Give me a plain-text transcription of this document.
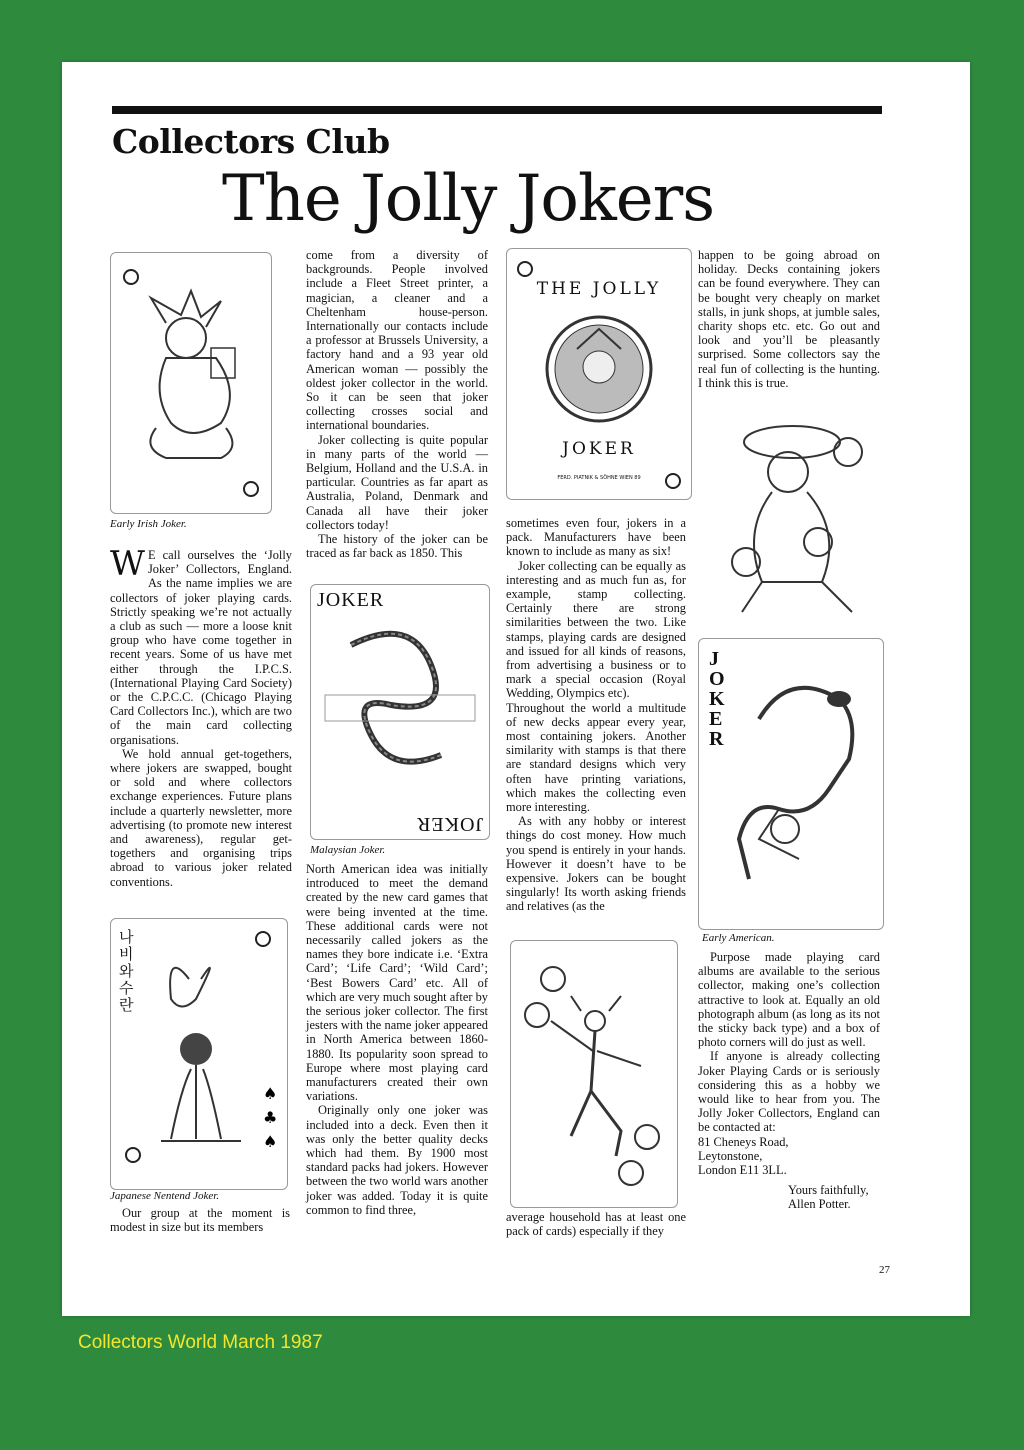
Collectors Club
The Jolly Jokers
Early Irish Joker.

W E call ourselves the ‘Jolly Joker’ Collectors, England. As the name implies we are collectors of joker playing cards. Strictly speaking we’re not actually a club as such — more a loose knit group who have come together in recent years. Some of us have met either through the I.P.C.S. (International Playing Card Society) or the C.P.C.C. (Chicago Playing Card Collectors Inc.), which are two of the main card collecting organisations.

We hold annual get-togethers, where jokers are swapped, bought or sold and where collectors exchange experiences. Future plans include a quarterly newsletter, more advertising (to promote new interest and awareness), regular get-togethers and organising trips abroad to various joker related conventions.

♠
♣
♠
나비와수란
Japanese Nentend Joker.

Our group at the moment is modest in size but its members

come from a diversity of backgrounds. People involved include a Fleet Street printer, a magician, a cleaner and a Cheltenham house-person. Internationally our contacts include a professor at Brussels University, a factory hand and a 93 year old American woman — possibly the oldest joker collector in the world. So it can be seen that joker collecting crosses social and international boundaries.

Joker collecting is quite popular in many parts of the world — Belgium, Holland and the U.S.A. in particular. Countries as far apart as Australia, Poland, Denmark and Canada all have their joker collectors today!

The history of the joker can be traced as far back as 1850. This

JOKER
JOKER
Malaysian Joker.

North American idea was initially introduced to meet the demand created by the new card games that were being invented at the time. These additional cards were not necessarily called jokers as the names they bore indicate i.e. ‘Extra Card’; ‘Life Card’; ‘Wild Card’; ‘Best Bowers Card’ etc. All of which are very much sought after by the serious joker collector. The first jesters with the name joker appeared in North America between 1860-1880. Its popularity soon spread to Europe where most playing card manufacturers created their own variations.

Originally only one joker was included into a deck. Even then it was only the better quality decks which had them. By 1900 most standard packs had jokers. However between the two world wars another joker was added. Today it is quite common to find three,

THE JOLLY
JOKER
FERD. PIATNIK & SÖHNE WIEN 89

sometimes even four, jokers in a pack. Manufacturers have been known to include as many as six!

Joker collecting can be equally as interesting and as much fun as, for example, stamp collecting. Certainly there are strong similarities between the two. Like stamps, playing cards are designed and issued for all kinds of reasons, from advertising a business or to mark a special occasion (Royal Wedding, Olympics etc).

Throughout the world a multitude of new decks appear every year, most containing jokers. Another similarity with stamps is that there are standard designs which very often have printing variations, which makes the collecting even more interesting.

As with any hobby or interest things do cost money. How much you spend is entirely in your hands. However it doesn’t have to be expensive. Jokers can be bought singularly! Its worth asking friends and relatives (as the

average household has at least one pack of cards) especially if they

happen to be going abroad on holiday. Decks containing jokers can be found everywhere. They can be bought very cheaply on market stalls, in junk shops, at jumble sales, charity shops etc. etc. Go out and look and you’ll be pleasantly surprised. Some collectors say the real fun of collecting is the hunting. I think this is true.

JOKER
Early American.

Purpose made playing card albums are available to the serious collector, making one’s collection attractive to look at. Equally an old photograph album (as long as its not the sticky back type) and a box of photo corners will do just as well.

If anyone is already collecting Joker Playing Cards or is seriously considering this as a hobby we would like to hear from you. The Jolly Joker Collectors, England can be contacted at:

81 Cheneys Road,
Leytonstone,
London E11 3LL.
Yours faithfully,
Allen Potter.
27
Collectors World March 1987
